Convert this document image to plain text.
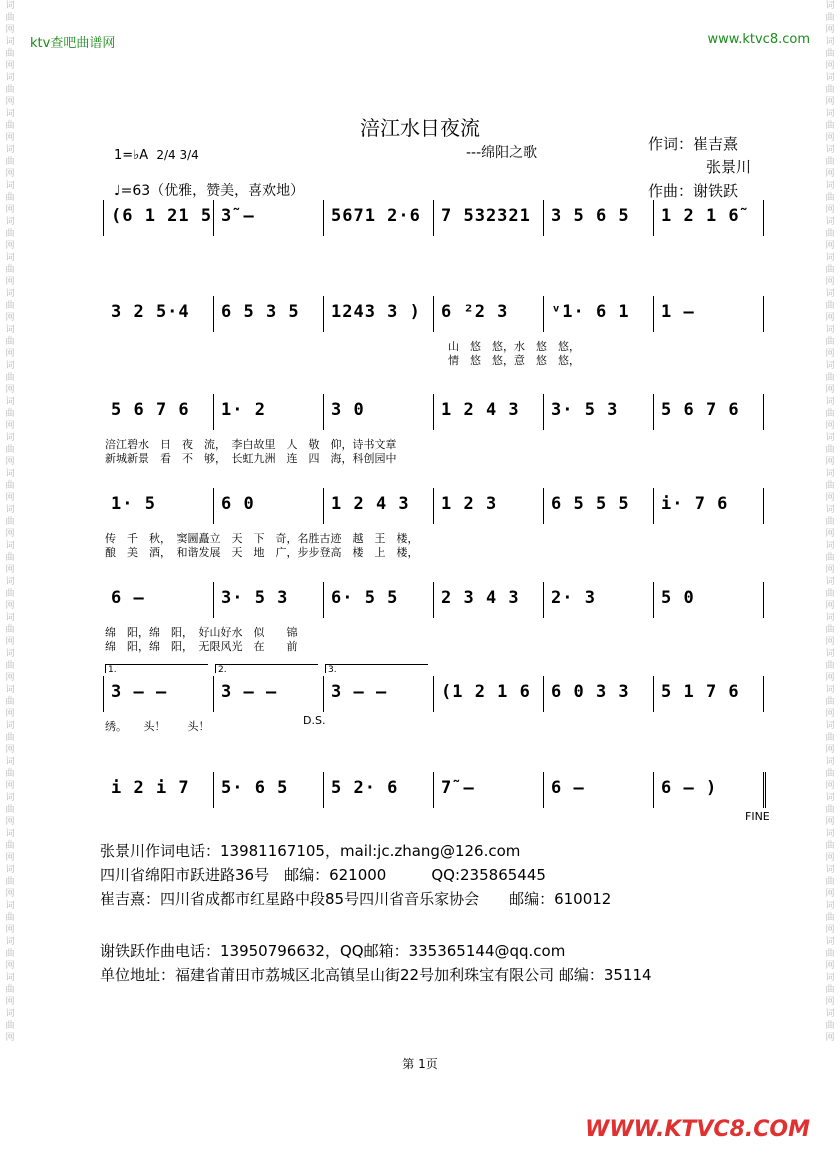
词曲网词曲网词曲网词曲网词曲网词曲网词曲网词曲网词曲网词曲网词曲网词曲网词曲网词曲网词曲网词曲网词曲网词曲网词曲网词曲网词曲网词曲网词曲网词曲网词曲网词曲网词曲网词曲网词曲网
词曲网词曲网词曲网词曲网词曲网词曲网词曲网词曲网词曲网词曲网词曲网词曲网词曲网词曲网词曲网词曲网词曲网词曲网词曲网词曲网词曲网词曲网词曲网词曲网词曲网词曲网词曲网词曲网词曲网
ktv查吧曲谱网	www.ktvc8.com
涪江水日夜流
---绵阳之歌	作词：崔吉熹
张景川
作曲：谢铁跃
1=♭A 2/4 3/4
♩=63（优雅，赞美，喜欢地）
(6 1 21 5 3̃ –	5671 2·6 7 532321 3 5 6 5 1 2 1 6̃
3 2 5·4 6 5 3 5 1243 3 ) 6 ²2 3	ᵛ1· 6 1 1 –
山　悠　悠，水　悠　悠，
情　悠　悠，意　悠　悠，
5 6 7 6 1· 2	3 0	1 2 4 3 3· 5 3	5 6 7 6
涪江碧水　日　夜　流，　李白故里　人　敬　仰，诗书文章
新城新景　看　不　够，　长虹九洲　连　四　海，科创园中
1· 5	6 0	1 2 4 3 1 2 3	6 5 5 5 i· 7 6
传　千　秋，　窦圌矗立　天　下　奇，名胜古迹　越　王　楼，
酿　美　酒，　和谐发展　天　地　广，步步登高　楼　上　楼，
6 –	3· 5 3	6· 5 5	2 3 4 3 2· 3	5 0
绵　阳，绵　阳，　好山好水　似　　锦
绵　阳，绵　阳，　无限风光　在　　前
3 – –	3 – –	3 – –	(1 2 1 6 6 0 3 3 5 1 7 6
绣。　　头！　　头！
1.	2.	3.
D.S.
i 2 i 7 5· 6 5	5 2· 6	7̃ –	6 –	6 – )
FINE
张景川作词电话：13981167105，mail:jc.zhang@126.com
四川省绵阳市跃进路36号　邮编：621000　　　QQ:235865445
崔吉熹：四川省成都市红星路中段85号四川省音乐家协会　　邮编：610012
谢铁跃作曲电话：13950796632，QQ邮箱：335365144@qq.com
单位地址：福建省莆田市荔城区北高镇呈山街22号加利珠宝有限公司 邮编：35114
第 1页
WWW.KTVC8.COM
